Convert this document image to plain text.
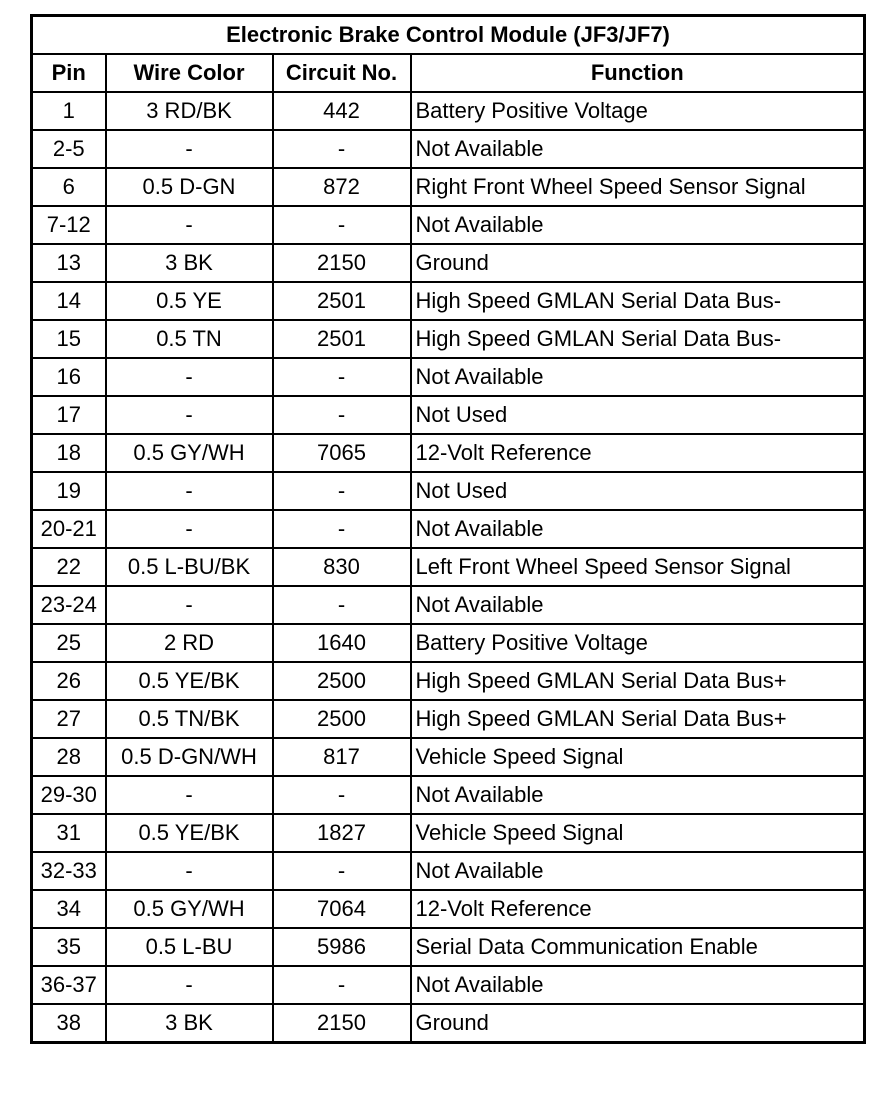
Electronic Brake Control Module (JF3/JF7)			
Pin	Wire Color	Circuit No.	Function
1	3 RD/BK	442	Battery Positive Voltage
2-5	-	-	Not Available
6	0.5 D-GN	872	Right Front Wheel Speed Sensor Signal
7-12	-	-	Not Available
13	3 BK	2150	Ground
14	0.5 YE	2501	High Speed GMLAN Serial Data Bus-
15	0.5 TN	2501	High Speed GMLAN Serial Data Bus-
16	-	-	Not Available
17	-	-	Not Used
18	0.5 GY/WH	7065	12-Volt Reference
19	-	-	Not Used
20-21	-	-	Not Available
22	0.5 L-BU/BK	830	Left Front Wheel Speed Sensor Signal
23-24	-	-	Not Available
25	2 RD	1640	Battery Positive Voltage
26	0.5 YE/BK	2500	High Speed GMLAN Serial Data Bus+
27	0.5 TN/BK	2500	High Speed GMLAN Serial Data Bus+
28	0.5 D-GN/WH	817	Vehicle Speed Signal
29-30	-	-	Not Available
31	0.5 YE/BK	1827	Vehicle Speed Signal
32-33	-	-	Not Available
34	0.5 GY/WH	7064	12-Volt Reference
35	0.5 L-BU	5986	Serial Data Communication Enable
36-37	-	-	Not Available
38	3 BK	2150	Ground
